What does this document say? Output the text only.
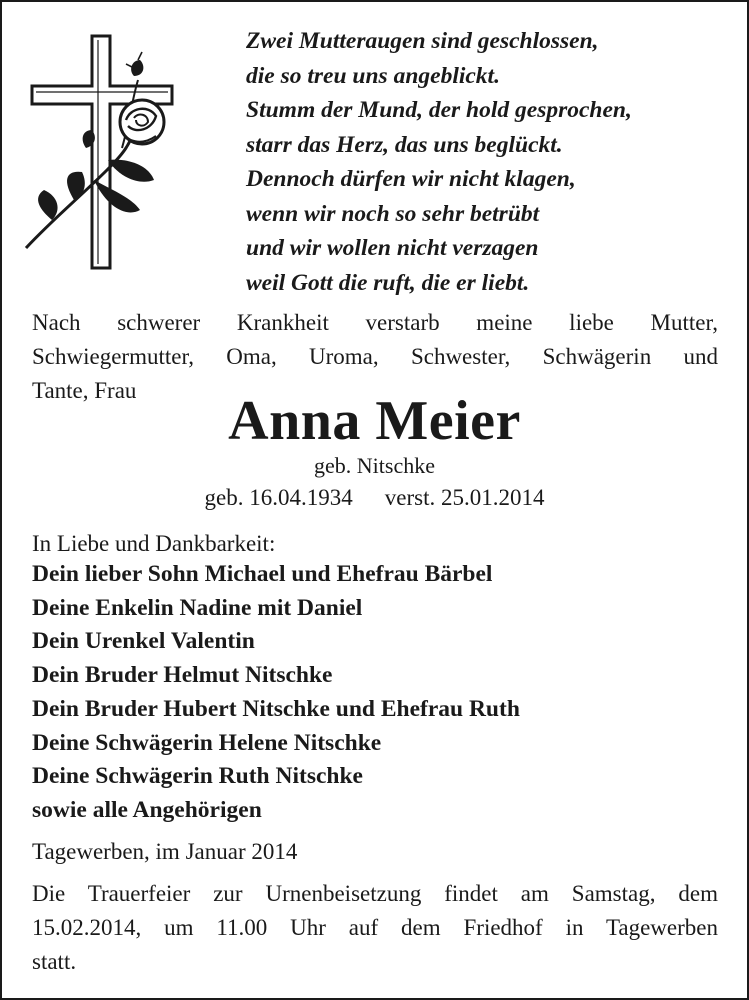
Zwei Mutteraugen sind geschlossen,
die so treu uns angeblickt.
Stumm der Mund, der hold gesprochen,
starr das Herz, das uns beglückt.
Dennoch dürfen wir nicht klagen,
wenn wir noch so sehr betrübt
und wir wollen nicht verzagen
weil Gott die ruft, die er liebt.
Nach schwerer Krankheit verstarb meine liebe Mutter,
Schwiegermutter, Oma, Uroma, Schwester, Schwägerin und
Tante, Frau	Anna Meier
geb. Nitschke
geb. 16.04.1934 verst. 25.01.2014
In Liebe und Dankbarkeit:
Dein lieber Sohn Michael und Ehefrau Bärbel
Deine Enkelin Nadine mit Daniel
Dein Urenkel Valentin
Dein Bruder Helmut Nitschke
Dein Bruder Hubert Nitschke und Ehefrau Ruth
Deine Schwägerin Helene Nitschke
Deine Schwägerin Ruth Nitschke
sowie alle Angehörigen
Tagewerben, im Januar 2014
Die Trauerfeier zur Urnenbeisetzung findet am Samstag, dem
15.02.2014, um 11.00 Uhr auf dem Friedhof in Tagewerben
statt.
